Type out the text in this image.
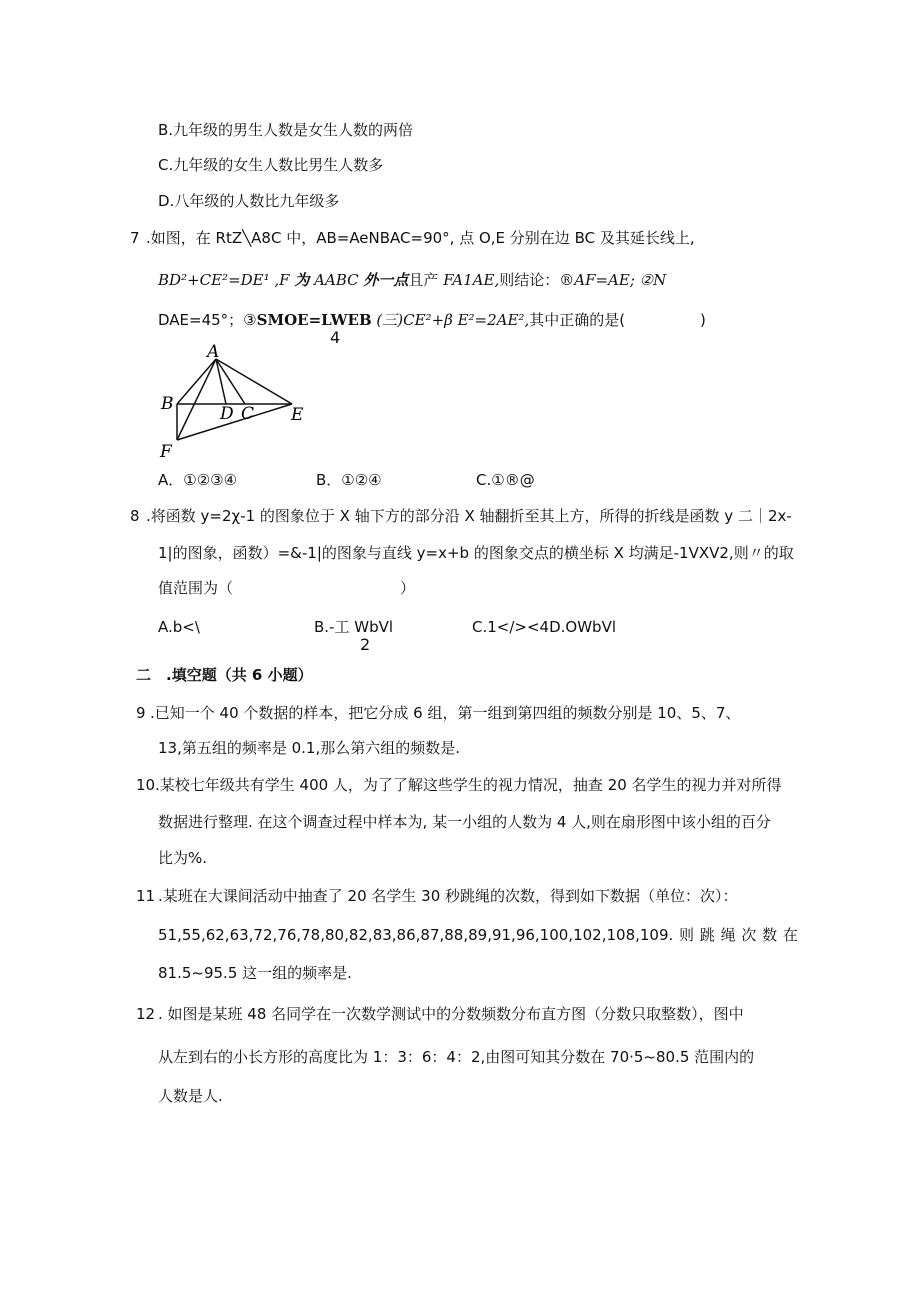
B.九年级的男生人数是女生人数的两倍
C.九年级的女生人数比男生人数多
D.八年级的人数比九年级多
7 .如图，在 RtZ╲A8C 中，AB=AeNBAC=90°, 点 O,E 分别在边 BC 及其延长线上,
BD²+CE²=DE¹ ,F 为 AABC 外一点且产 FA1AE,则结论：®AF=AE; ②N
DAE=45°；③SMOE=LWEB (三)CE²+β E²=2AE²,其中正确的是(	)
4
A
B	D C E
F
A．①②③④	B．①②④	C.①®@
8 .将函数 y=2χ-1 的图象位于 X 轴下方的部分沿 X 轴翻折至其上方，所得的折线是函数 y 二｜2x-
1|的图象，函数）=&-1|的图象与直线 y=x+b 的图象交点的横坐标 X 均满足-1VXV2,则〃的取
值范围为（	）
A.b<\	B.-工 WbVl
2
C.1</><4D.OWbVl
二　.填空题（共 6 小题）
9 .已知一个 40 个数据的样本，把它分成 6 组，第一组到第四组的频数分别是 10、5、7、
13,第五组的频率是 0.1,那么第六组的频数是.
10 .某校七年级共有学生 400 人，为了了解这些学生的视力情况，抽查 20 名学生的视力并对所得
数据进行整理. 在这个调查过程中样本为, 某一小组的人数为 4 人,则在扇形图中该小组的百分
比为%.
11 .某班在大课间活动中抽查了 20 名学生 30 秒跳绳的次数，得到如下数据（单位：次）：
51,55,62,63,72,76,78,80,82,83,86,87,88,89,91,96,100,102,108,109. 则 跳 绳 次 数 在
81.5~95.5 这一组的频率是.
12 . 如图是某班 48 名同学在一次数学测试中的分数频数分布直方图（分数只取整数），图中
从左到右的小长方形的高度比为 1：3：6：4：2,由图可知其分数在 70·5~80.5 范围内的
人数是人.
